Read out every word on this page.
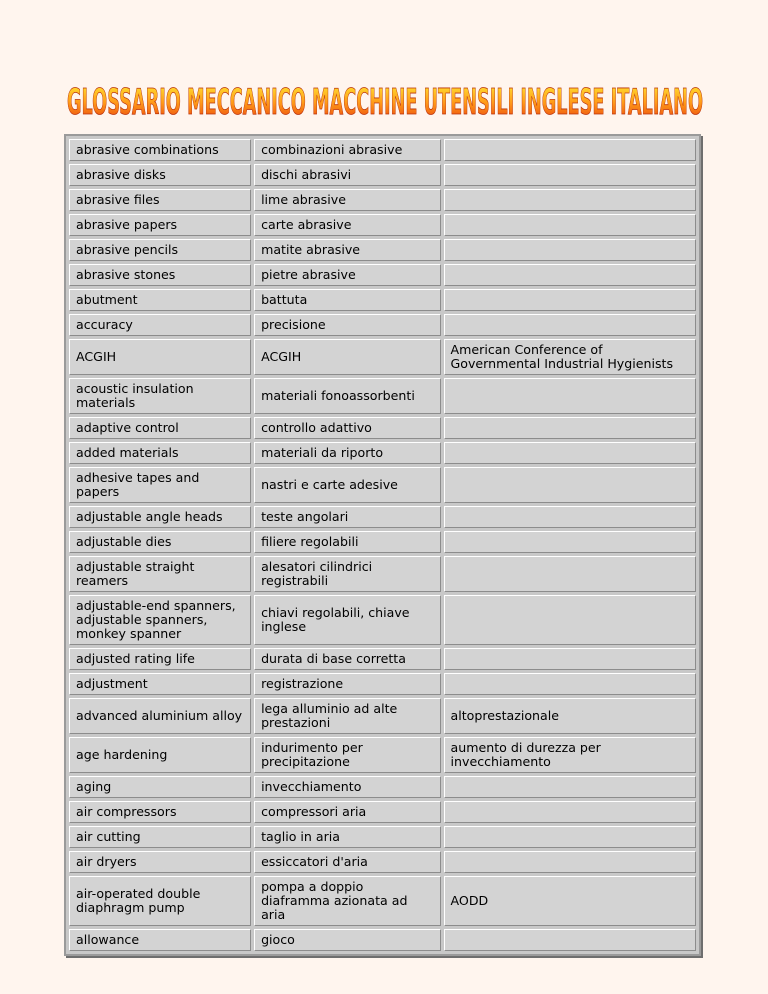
GLOSSARIO MECCANICO MACCHINE UTENSILI INGLESE ITALIANO
abrasive combinations	combinazioni abrasive	
abrasive disks	dischi abrasivi	
abrasive files	lime abrasive	
abrasive papers	carte abrasive	
abrasive pencils	matite abrasive	
abrasive stones	pietre abrasive	
abutment	battuta	
accuracy	precisione	
ACGIH	ACGIH	American Conference of Governmental Industrial Hygienists
acoustic insulation materials	materiali fonoassorbenti	
adaptive control	controllo adattivo	
added materials	materiali da riporto	
adhesive tapes and papers	nastri e carte adesive	
adjustable angle heads	teste angolari	
adjustable dies	filiere regolabili	
adjustable straight reamers	alesatori cilindrici registrabili	
adjustable-end spanners, adjustable spanners, monkey spanner	chiavi regolabili, chiave inglese	
adjusted rating life	durata di base corretta	
adjustment	registrazione	
advanced aluminium alloy	lega alluminio ad alte prestazioni	altoprestazionale
age hardening	indurimento per precipitazione	aumento di durezza per invecchiamento
aging	invecchiamento	
air compressors	compressori aria	
air cutting	taglio in aria	
air dryers	essiccatori d'aria	
air-operated double diaphragm pump	pompa a doppio diaframma azionata ad aria	AODD
allowance	gioco	
